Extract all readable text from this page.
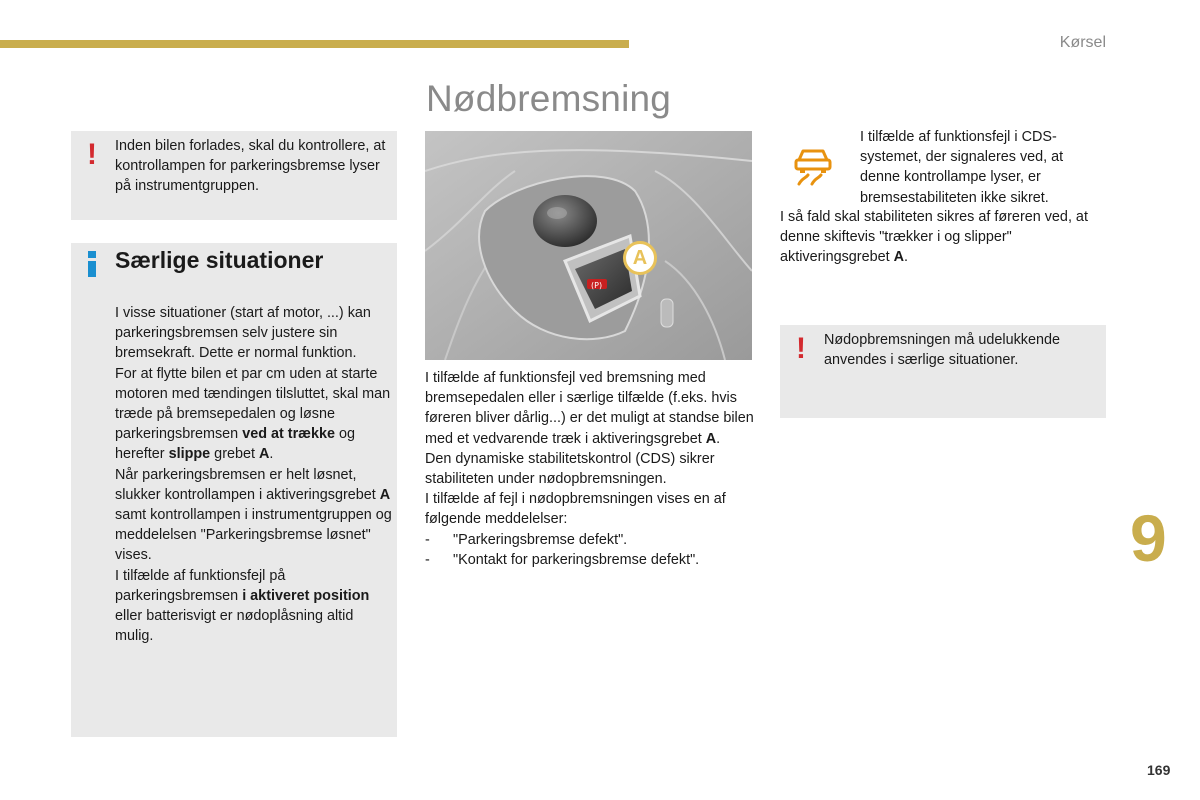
Kørsel
Nødbremsning
! Inden bilen forlades, skal du kontrollere, at kontrollampen for parkeringsbremse lyser på instrumentgruppen.

Særlige situationer

I visse situationer (start af motor, ...) kan parkeringsbremsen selv justere sin bremsekraft. Dette er normal funktion.

For at flytte bilen et par cm uden at starte motoren med tændingen tilsluttet, skal man træde på bremsepedalen og løsne parkeringsbremsen ved at trække og herefter slippe grebet A.

Når parkeringsbremsen er helt løsnet, slukker kontrollampen i aktiveringsgrebet A samt kontrollampen i instrumentgruppen og meddelelsen "Parkeringsbremse løsnet" vises.

I tilfælde af funktionsfejl på parkeringsbremsen i aktiveret position eller batterisvigt er nødoplåsning altid mulig.

(P)
A

I tilfælde af funktionsfejl ved bremsning med bremsepedalen eller i særlige tilfælde (f.eks. hvis føreren bliver dårlig...) er det muligt at standse bilen med et vedvarende træk i aktiveringsgrebet A.

Den dynamiske stabilitetskontrol (CDS) sikrer stabiliteten under nødopbremsningen.

I tilfælde af fejl i nødopbremsningen vises en af følgende meddelelser:

- "Parkeringsbremse defekt".

- "Kontakt for parkeringsbremse defekt".

I tilfælde af funktionsfejl i CDS-systemet, der signaleres ved, at denne kontrollampe lyser, er bremsestabiliteten ikke sikret.

I så fald skal stabiliteten sikres af føreren ved, at denne skiftevis "trækker i og slipper" aktiveringsgrebet A.

! Nødopbremsningen må udelukkende anvendes i særlige situationer.

9
169
